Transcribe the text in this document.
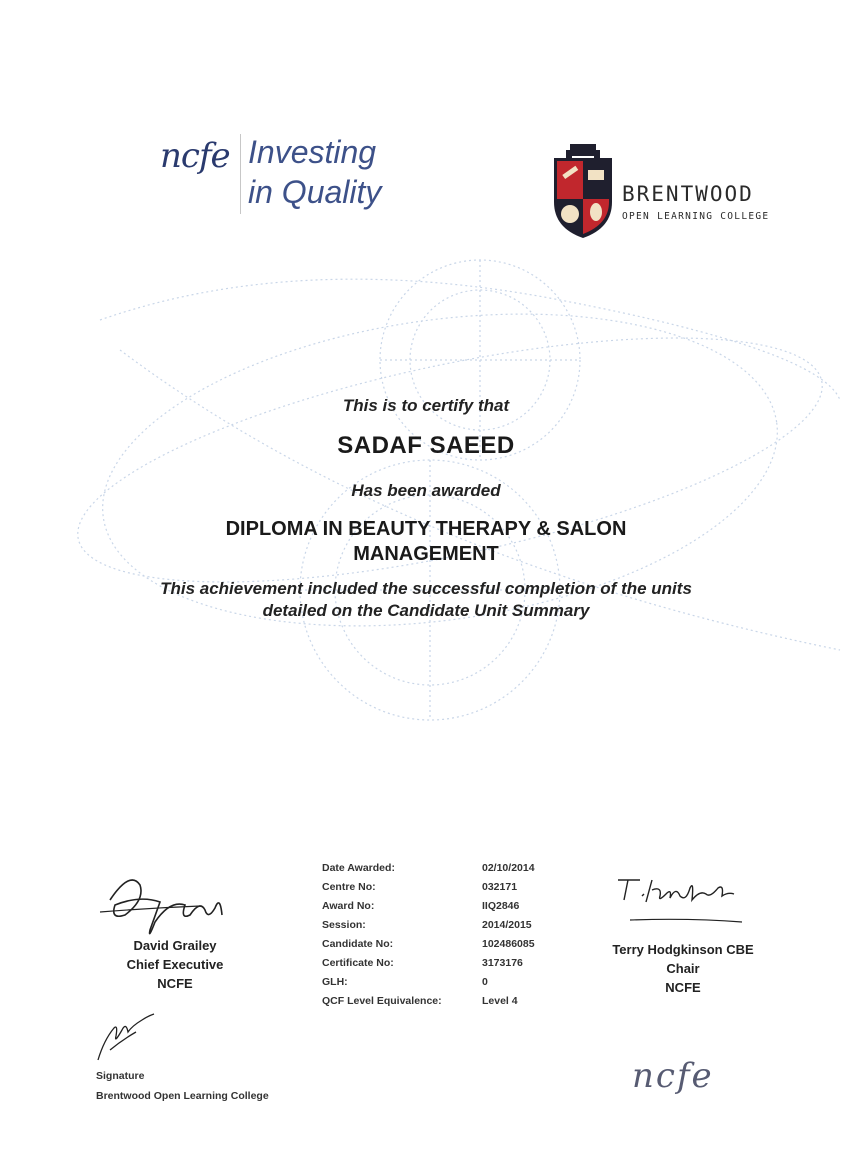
ncfe Investing
in Quality	BRENTWOOD
OPEN LEARNING COLLEGE
This is to certify that
SADAF SAEED
Has been awarded
DIPLOMA IN BEAUTY THERAPY & SALON
MANAGEMENT
This achievement included the successful completion of the units
detailed on the Candidate Unit Summary
David Grailey
Chief Executive
NCFE
Date Awarded:	02/10/2014
Centre No:	032171
Award No:	IIQ2846
Session:	2014/2015
Candidate No:	102486085
Certificate No:	3173176
GLH:	0
QCF Level Equivalence:	Level 4
Terry Hodgkinson CBE
Chair
NCFE
Signature
Brentwood Open Learning College	ncfe
